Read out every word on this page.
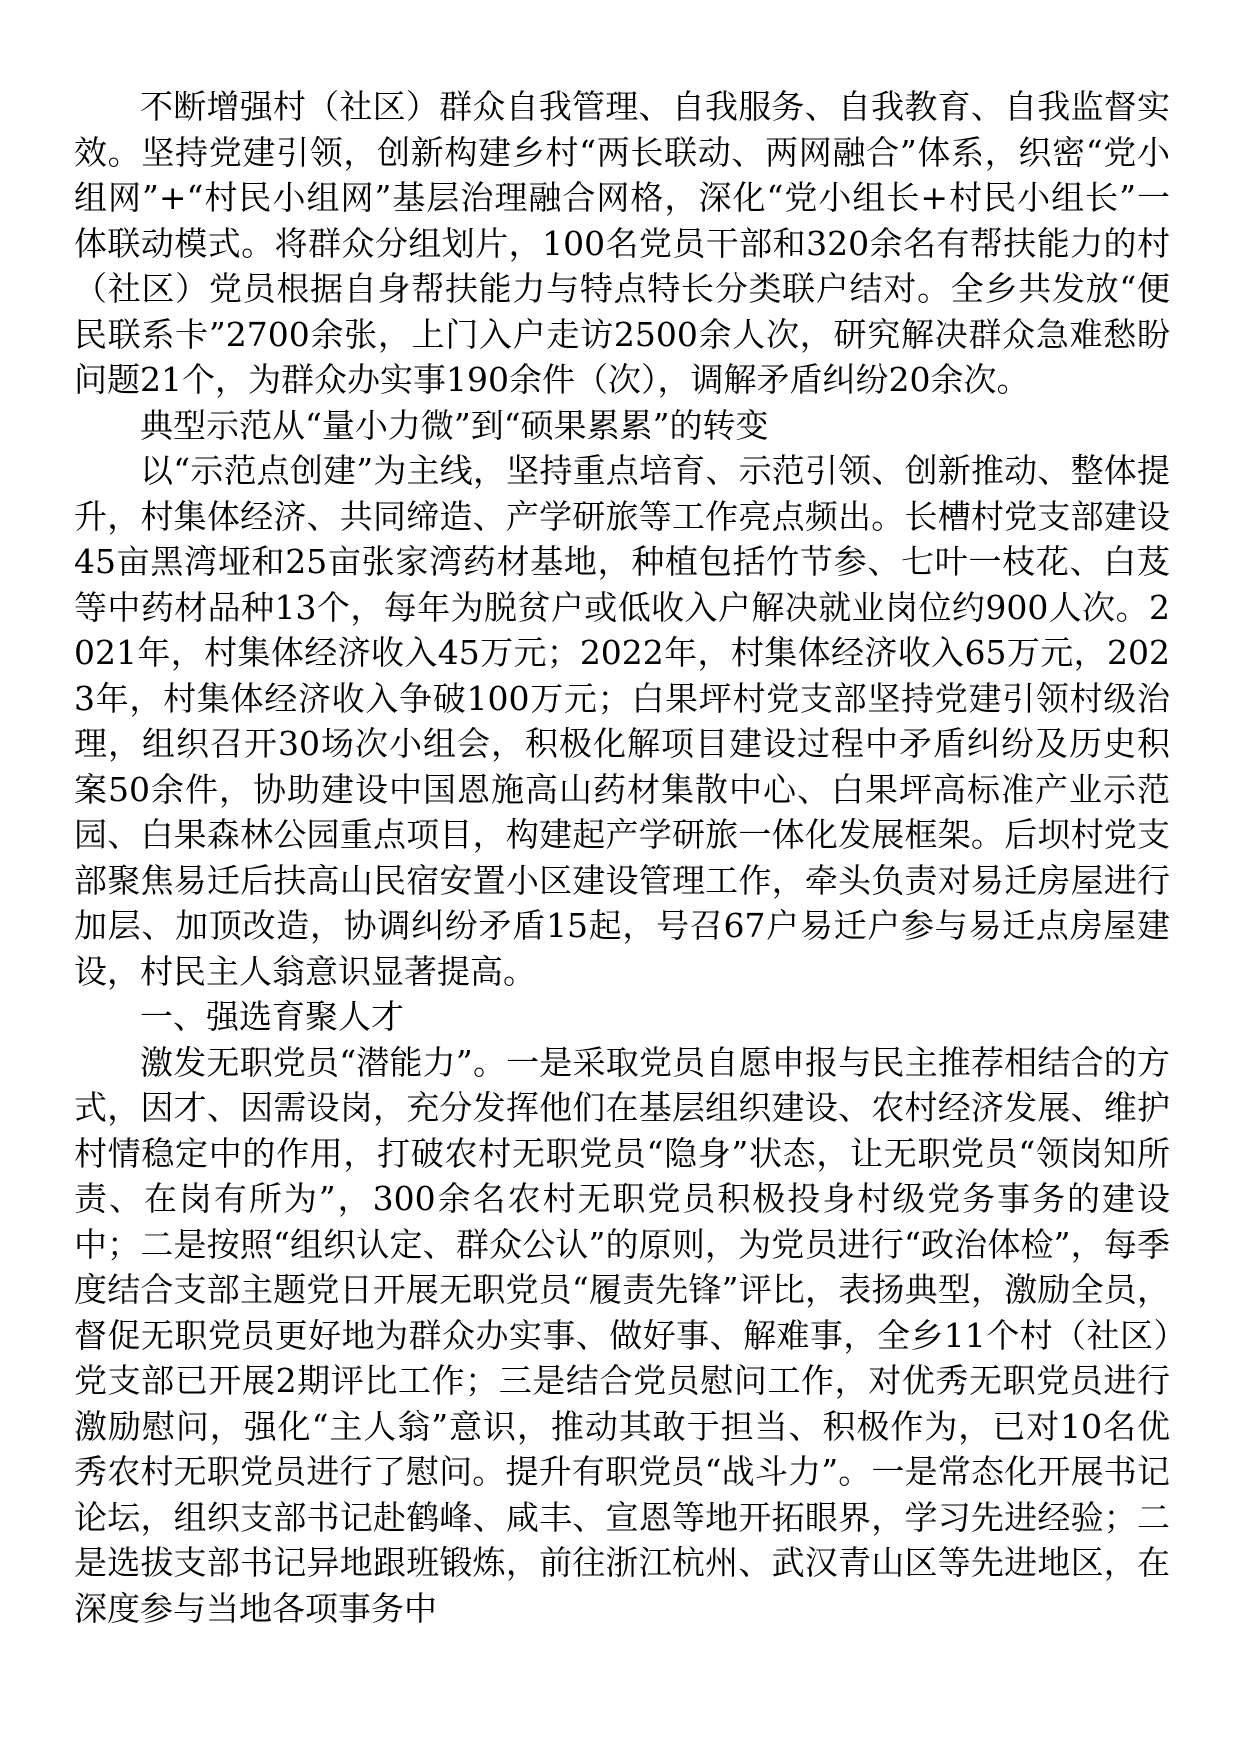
不断增强村（社区）群众自我管理、自我服务、自我教育、自我监督实效。坚持党建引领，创新构建乡村“两长联动、两网融合”体系，织密“党小组网”+“村民小组网”基层治理融合网格，深化“党小组长+村民小组长”一体联动模式。将群众分组划片，100名党员干部和320余名有帮扶能力的村（社区）党员根据自身帮扶能力与特点特长分类联户结对。全乡共发放“便民联系卡”2700余张，上门入户走访2500余人次，研究解决群众急难愁盼问题21个，为群众办实事190余件（次），调解矛盾纠纷20余次。

典型示范从“量小力微”到“硕果累累”的转变

以“示范点创建”为主线，坚持重点培育、示范引领、创新推动、整体提升，村集体经济、共同缔造、产学研旅等工作亮点频出。长槽村党支部建设45亩黑湾垭和25亩张家湾药材基地，种植包括竹节参、七叶一枝花、白芨等中药材品种13个，每年为脱贫户或低收入户解决就业岗位约900人次。2021年，村集体经济收入45万元；2022年，村集体经济收入65万元，2023年，村集体经济收入争破100万元；白果坪村党支部坚持党建引领村级治理，组织召开30场次小组会，积极化解项目建设过程中矛盾纠纷及历史积案50余件，协助建设中国恩施高山药材集散中心、白果坪高标准产业示范园、白果森林公园重点项目，构建起产学研旅一体化发展框架。后坝村党支部聚焦易迁后扶高山民宿安置小区建设管理工作，牵头负责对易迁房屋进行加层、加顶改造，协调纠纷矛盾15起，号召67户易迁户参与易迁点房屋建设，村民主人翁意识显著提高。

一、强选育聚人才

激发无职党员“潜能力”。一是采取党员自愿申报与民主推荐相结合的方式，因才、因需设岗，充分发挥他们在基层组织建设、农村经济发展、维护村情稳定中的作用，打破农村无职党员“隐身”状态，让无职党员“领岗知所责、在岗有所为”，300余名农村无职党员积极投身村级党务事务的建设中；二是按照“组织认定、群众公认”的原则，为党员进行“政治体检”，每季度结合支部主题党日开展无职党员“履责先锋”评比，表扬典型，激励全员，督促无职党员更好地为群众办实事、做好事、解难事，全乡11个村（社区）党支部已开展2期评比工作；三是结合党员慰问工作，对优秀无职党员进行激励慰问，强化“主人翁”意识，推动其敢于担当、积极作为，已对10名优秀农村无职党员进行了慰问。提升有职党员“战斗力”。一是常态化开展书记论坛，组织支部书记赴鹤峰、咸丰、宣恩等地开拓眼界，学习先进经验；二是选拔支部书记异地跟班锻炼，前往浙江杭州、武汉青山区等先进地区，在深度参与当地各项事务中
